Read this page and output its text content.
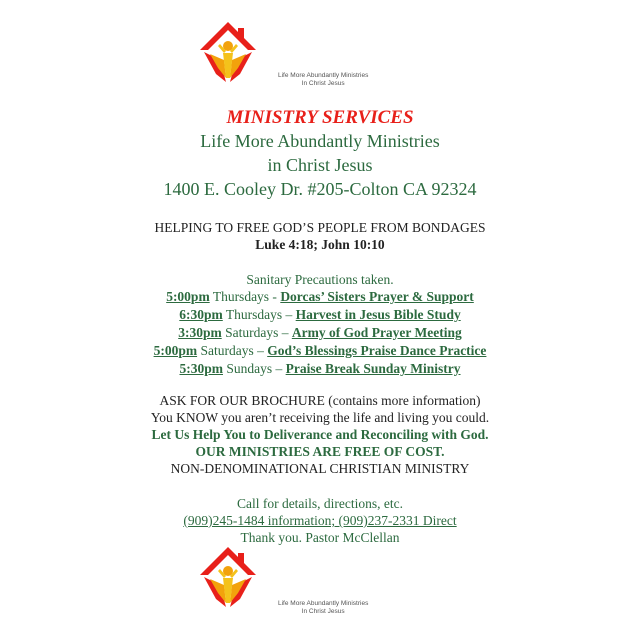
Life More Abundantly Ministries
In Christ Jesus
MINISTRY SERVICES
Life More Abundantly Ministries
in Christ Jesus
1400 E. Cooley Dr. #205-Colton CA 92324
HELPING TO FREE GOD’S PEOPLE FROM BONDAGES
Luke 4:18; John 10:10
Sanitary Precautions taken.
5:00pm Thursdays - Dorcas’ Sisters Prayer & Support
6:30pm Thursdays – Harvest in Jesus Bible Study
3:30pm Saturdays – Army of God Prayer Meeting
5:00pm Saturdays – God’s Blessings Praise Dance Practice
5:30pm Sundays – Praise Break Sunday Ministry
ASK FOR OUR BROCHURE (contains more information)
You KNOW you aren’t receiving the life and living you could.
Let Us Help You to Deliverance and Reconciling with God.
OUR MINISTRIES ARE FREE OF COST.
NON-DENOMINATIONAL CHRISTIAN MINISTRY
Call for details, directions, etc.
(909)245-1484 information; (909)237-2331 Direct
Thank you. Pastor McClellan
Life More Abundantly Ministries
In Christ Jesus
